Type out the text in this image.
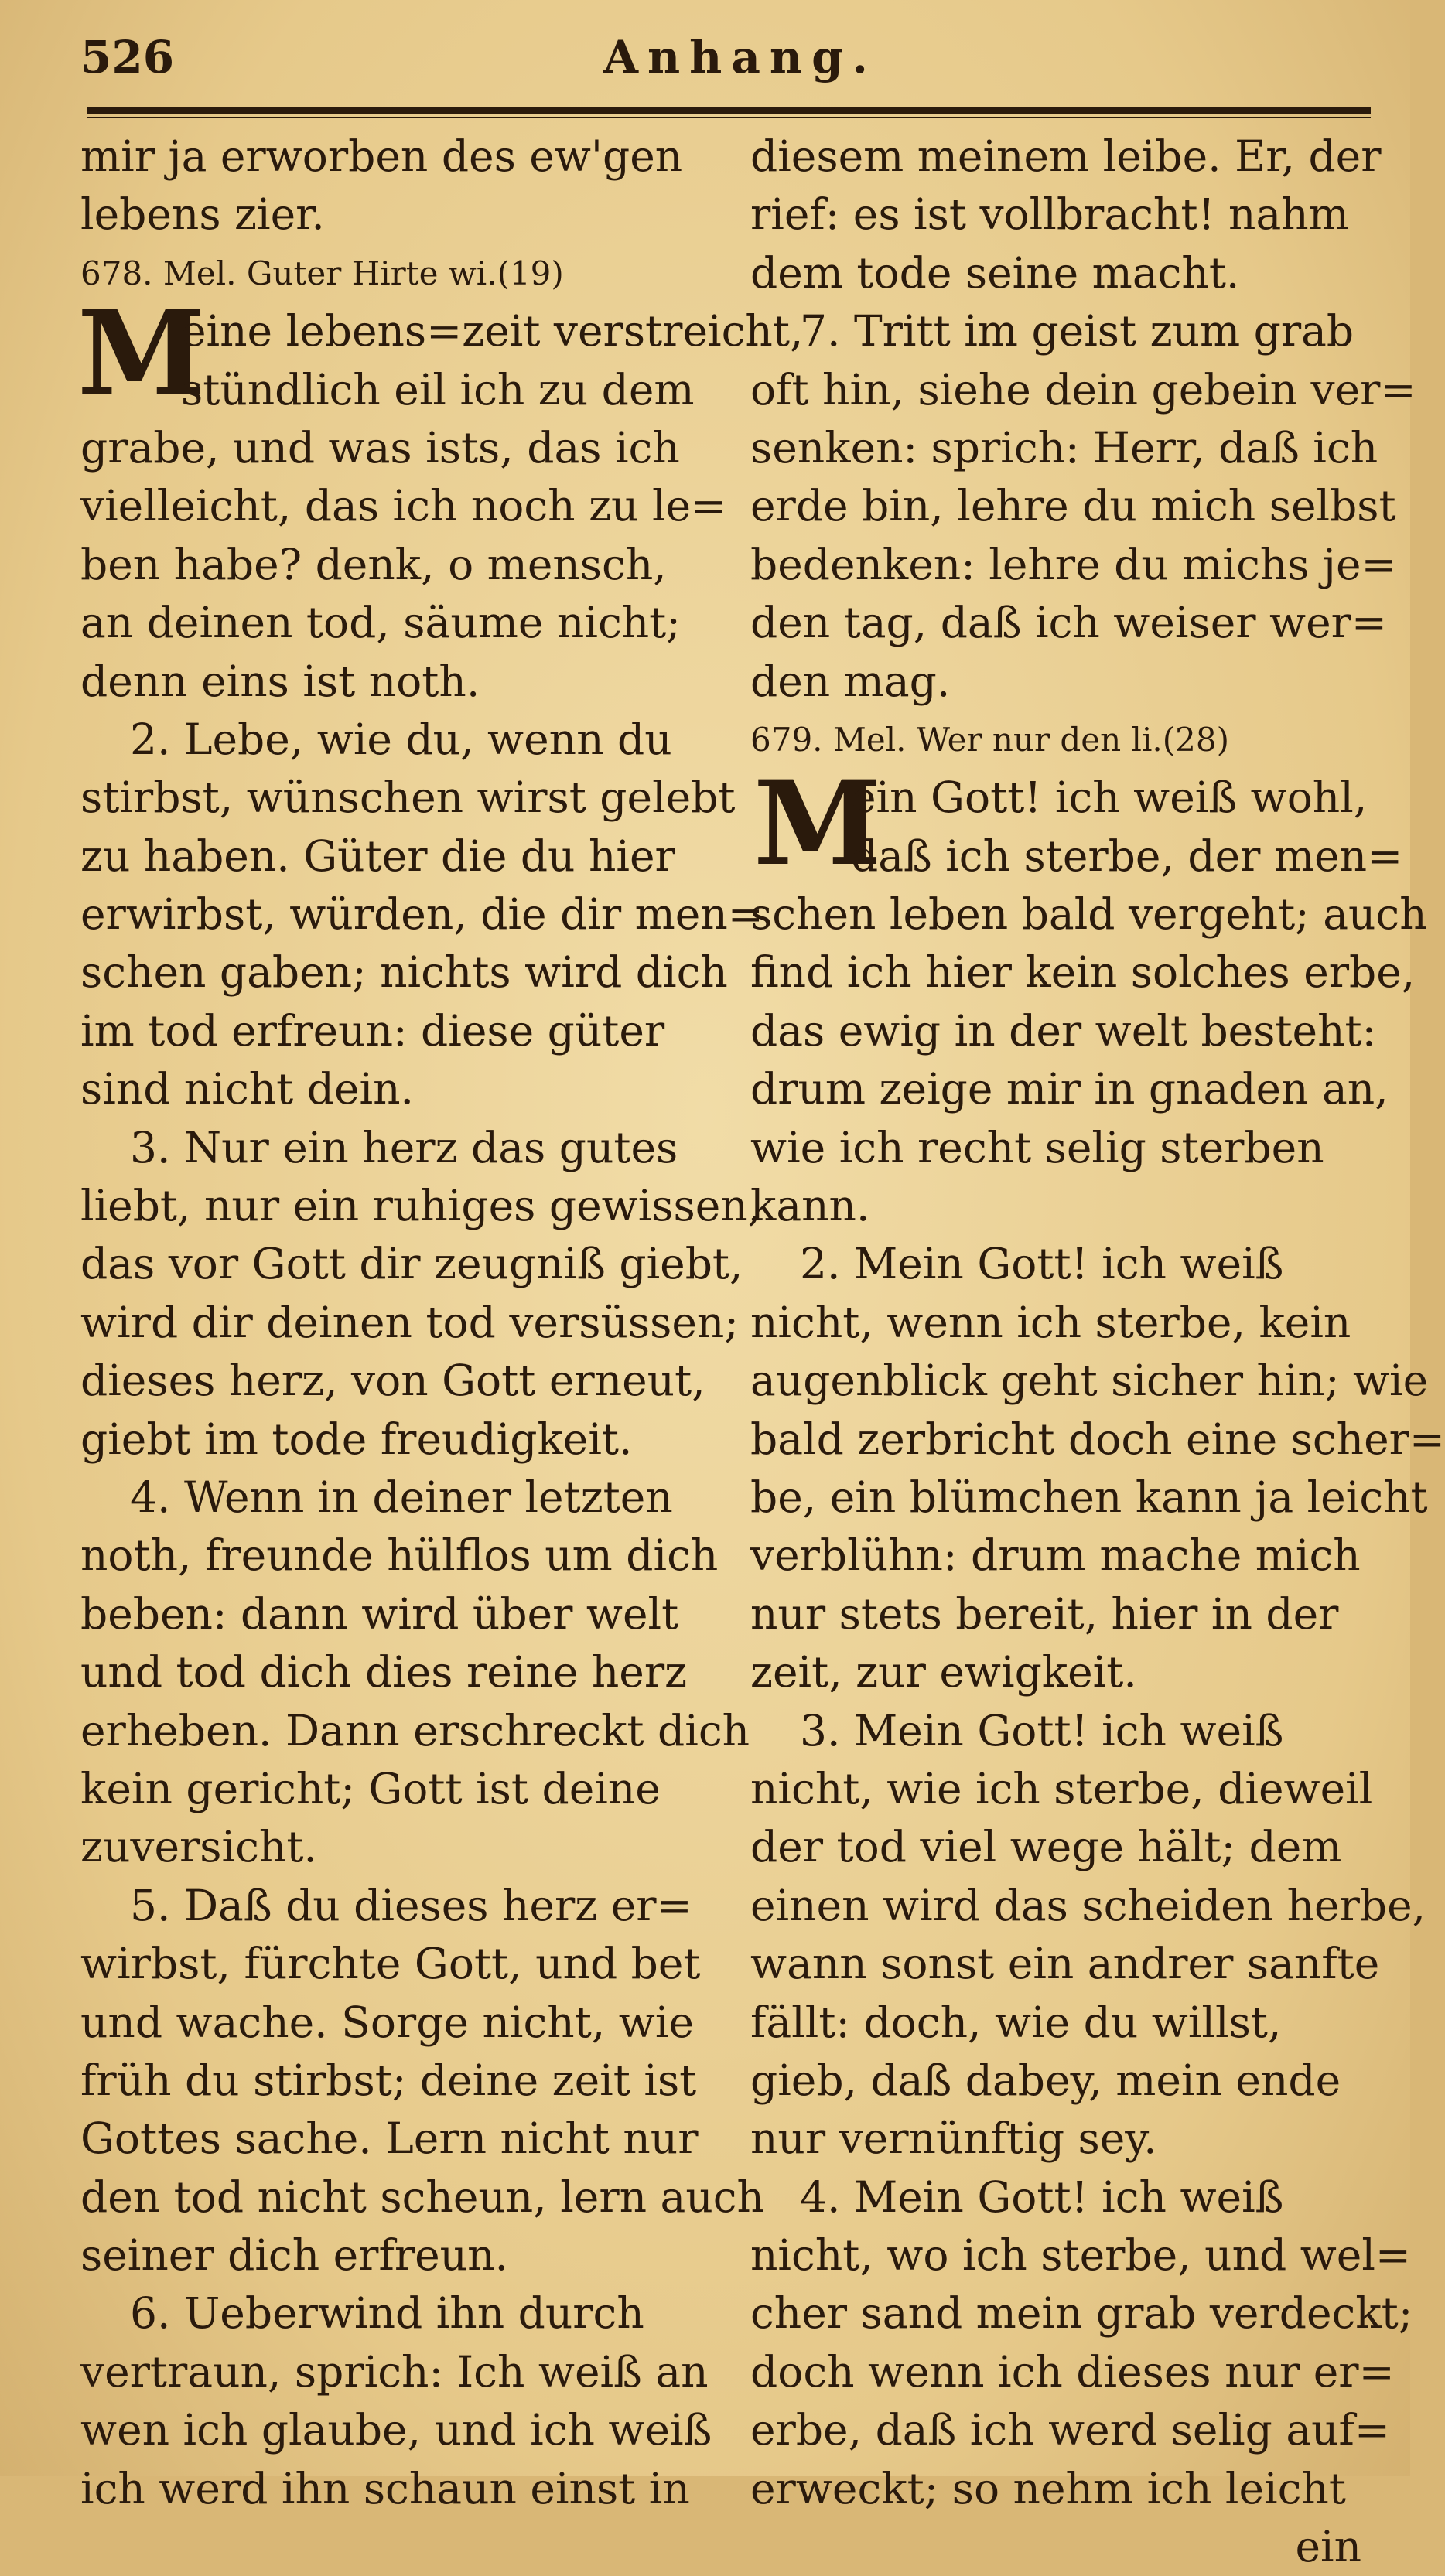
526	Anhang.
M
M
mir ja erworben des ew'gen
lebens zier.
678. Mel. Guter Hirte wi.(19)
eine lebens=zeit verstreicht,
stündlich eil ich zu dem
grabe, und was ists, das ich
vielleicht, das ich noch zu le=
ben habe? denk, o mensch,
an deinen tod, säume nicht;
denn eins ist noth.
2. Lebe, wie du, wenn du
stirbst, wünschen wirst gelebt
zu haben. Güter die du hier
erwirbst, würden, die dir men=
schen gaben; nichts wird dich
im tod erfreun: diese güter
sind nicht dein.
3. Nur ein herz das gutes
liebt, nur ein ruhiges gewissen,
das vor Gott dir zeugniß giebt,
wird dir deinen tod versüssen;
dieses herz, von Gott erneut,
giebt im tode freudigkeit.
4. Wenn in deiner letzten
noth, freunde hülflos um dich
beben: dann wird über welt
und tod dich dies reine herz
erheben. Dann erschreckt dich
kein gericht; Gott ist deine
zuversicht.
5. Daß du dieses herz er=
wirbst, fürchte Gott, und bet
und wache. Sorge nicht, wie
früh du stirbst; deine zeit ist
Gottes sache. Lern nicht nur
den tod nicht scheun, lern auch
seiner dich erfreun.
6. Ueberwind ihn durch
vertraun, sprich: Ich weiß an
wen ich glaube, und ich weiß
ich werd ihn schaun einst in
diesem meinem leibe. Er, der
rief: es ist vollbracht! nahm
dem tode seine macht.
7. Tritt im geist zum grab
oft hin, siehe dein gebein ver=
senken: sprich: Herr, daß ich
erde bin, lehre du mich selbst
bedenken: lehre du michs je=
den tag, daß ich weiser wer=
den mag.
679. Mel. Wer nur den li.(28)
ein Gott! ich weiß wohl,
daß ich sterbe, der men=
schen leben bald vergeht; auch
find ich hier kein solches erbe,
das ewig in der welt besteht:
drum zeige mir in gnaden an,
wie ich recht selig sterben
kann.
2. Mein Gott! ich weiß
nicht, wenn ich sterbe, kein
augenblick geht sicher hin; wie
bald zerbricht doch eine scher=
be, ein blümchen kann ja leicht
verblühn: drum mache mich
nur stets bereit, hier in der
zeit, zur ewigkeit.
3. Mein Gott! ich weiß
nicht, wie ich sterbe, dieweil
der tod viel wege hält; dem
einen wird das scheiden herbe,
wann sonst ein andrer sanfte
fällt: doch, wie du willst,
gieb, daß dabey, mein ende
nur vernünftig sey.
4. Mein Gott! ich weiß
nicht, wo ich sterbe, und wel=
cher sand mein grab verdeckt;
doch wenn ich dieses nur er=
erbe, daß ich werd selig auf=
erweckt; so nehm ich leicht
ein
